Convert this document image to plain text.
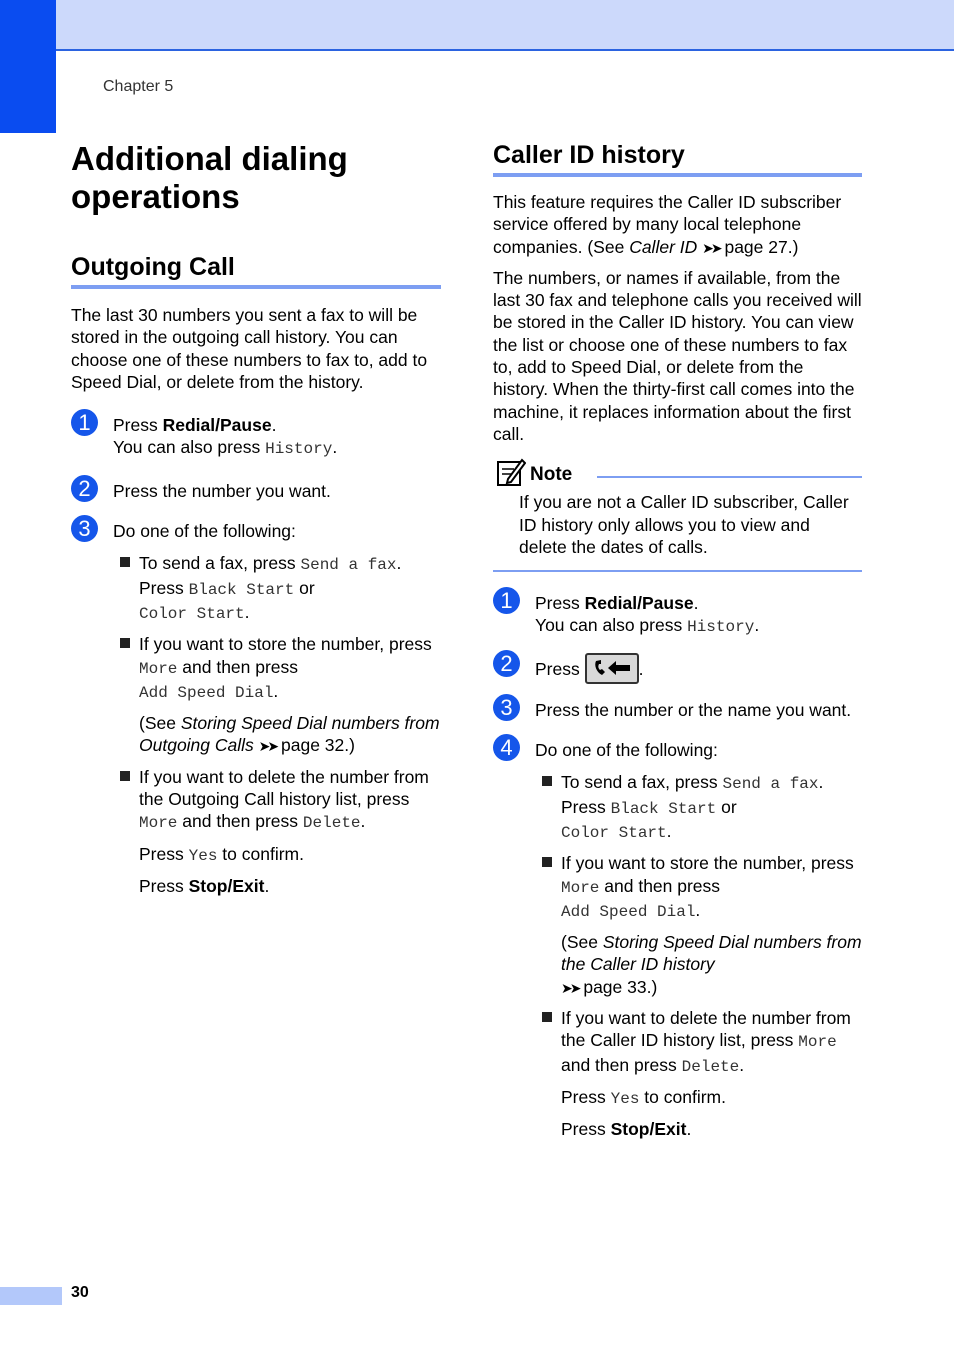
Chapter 5
Additional dialing operations
Outgoing Call

The last 30 numbers you sent a fax to will be stored in the outgoing call history. You can choose one of these numbers to fax to, add to Speed Dial, or delete from the history.

1	Press Redial/Pause.

You can also press History.

2	Press the number you want.

3	Do one of the following:

To send a fax, press Send a fax. Press Black Start or
Color Start.

If you want to store the number, press More and then press
Add Speed Dial.

(See Storing Speed Dial numbers from Outgoing Calls ➤➤ page 32.)

If you want to delete the number from the Outgoing Call history list, press More and then press Delete.

Press Yes to confirm.

Press Stop/Exit.

Caller ID history

This feature requires the Caller ID subscriber service offered by many local telephone companies. (See Caller ID ➤➤ page 27.)

The numbers, or names if available, from the last 30 fax and telephone calls you received will be stored in the Caller ID history. You can view the list or choose one of these numbers to fax to, add to Speed Dial, or delete from the history. When the thirty-first call comes into the machine, it replaces information about the first call.

Note

If you are not a Caller ID subscriber, Caller ID history only allows you to view and delete the dates of calls.

1	Press Redial/Pause.

You can also press History.

2	Press	.

3	Press the number or the name you want.

4	Do one of the following:

To send a fax, press Send a fax. Press Black Start or
Color Start.

If you want to store the number, press More and then press
Add Speed Dial.

(See Storing Speed Dial numbers from the Caller ID history
➤➤ page 33.)

If you want to delete the number from the Caller ID history list, press More
and then press Delete.

Press Yes to confirm.

Press Stop/Exit.

30
